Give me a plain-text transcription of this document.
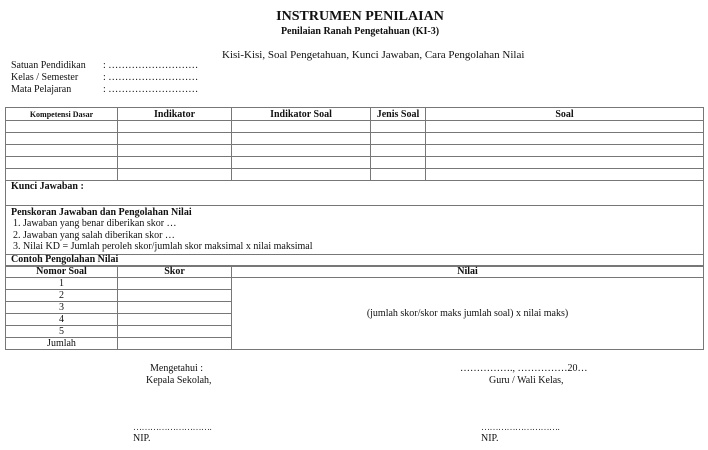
INSTRUMEN PENILAIAN
Penilaian Ranah Pengetahuan (KI-3)
Kisi-Kisi, Soal Pengetahuan, Kunci Jawaban, Cara Pengolahan Nilai
Satuan Pendidikan : ………………………
Kelas / Semester : ………………………
Mata Pelajaran	: ………………………
Kompetensi Dasar	Indikator	Indikator Soal	Jenis Soal	Soal

Kunci Jawaban :
Penskoran Jawaban dan Pengolahan Nilai
1. Jawaban yang benar diberikan skor …
2. Jawaban yang salah diberikan skor …
3. Nilai KD = Jumlah peroleh skor/jumlah skor maksimal x nilai maksimal
Contoh Pengolahan Nilai
Nomor Soal	Skor	Nilai
1		(jumlah skor/skor maks jumlah soal) x nilai maks)
2		
3		
4		
5		
Jumlah		
Mengetahui :
Kepala Sekolah,
……………., ……………20…
Guru / Wali Kelas,
……………………….
NIP.
……………………….
NIP.
